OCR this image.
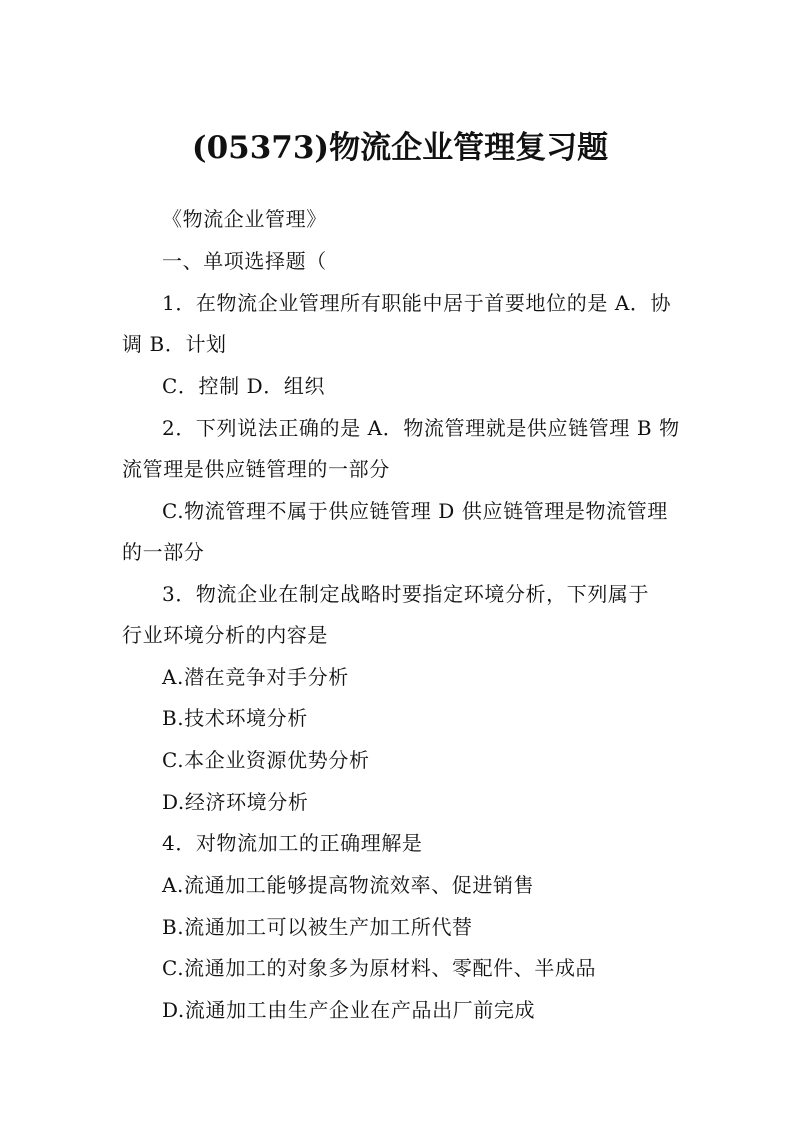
(05373)物流企业管理复习题
《物流企业管理》
一、单项选择题（
1．在物流企业管理所有职能中居于首要地位的是 A．协
调 B．计划
C．控制 D．组织
2．下列说法正确的是 A．物流管理就是供应链管理 B 物
流管理是供应链管理的一部分
C.物流管理不属于供应链管理 D 供应链管理是物流管理
的一部分
3．物流企业在制定战略时要指定环境分析，下列属于
行业环境分析的内容是
A.潜在竞争对手分析
B.技术环境分析
C.本企业资源优势分析
D.经济环境分析
4．对物流加工的正确理解是
A.流通加工能够提高物流效率、促进销售
B.流通加工可以被生产加工所代替
C.流通加工的对象多为原材料、零配件、半成品
D.流通加工由生产企业在产品出厂前完成
